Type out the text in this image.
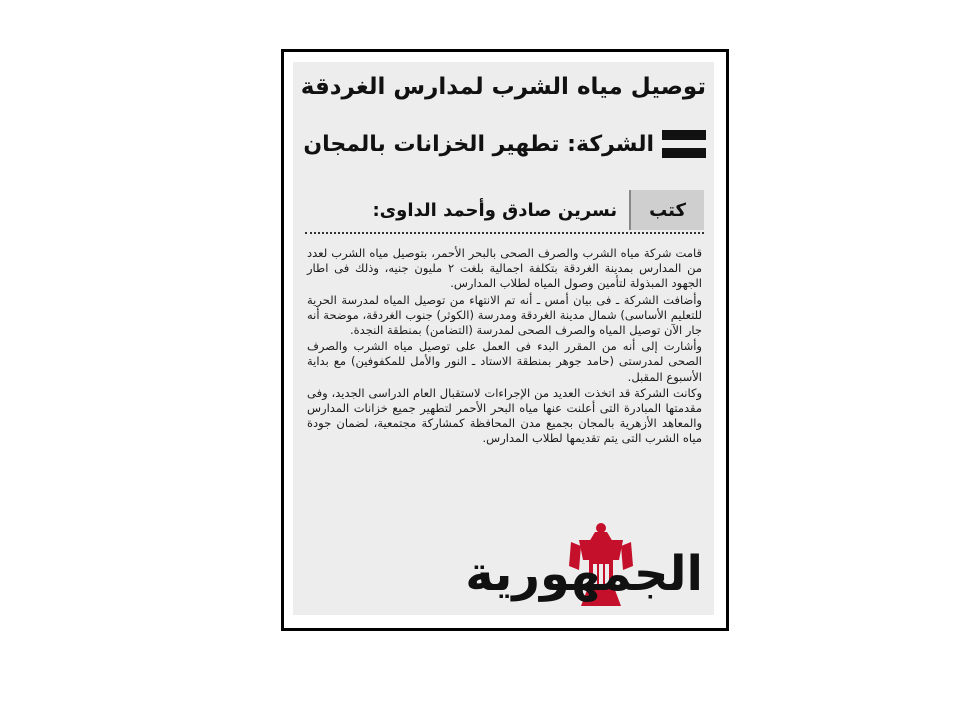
توصيل مياه الشرب لمدارس الغردقة
الشركة: تطهير الخزانات بالمجان
كتب
نسرين صادق وأحمد الداوى:

قامت شركة مياه الشرب والصرف الصحى بالبحر الأحمر، بتوصيل مياه الشرب لعدد من المدارس بمدينة الغردقة بتكلفة اجمالية بلغت ٢ مليون جنيه، وذلك فى اطار الجهود المبذولة لتأمين وصول المياه لطلاب المدارس.

وأضافت الشركة ـ فى بيان أمس ـ أنه تم الانتهاء من توصيل المياه لمدرسة الحرية للتعليم الأساسى) شمال مدينة الغردقة ومدرسة (الكوثر) جنوب الغردقة، موضحة أنه جار الآن توصيل المياه والصرف الصحى لمدرسة (التضامن) بمنطقة النجدة.

وأشارت إلى أنه من المقرر البدء فى العمل على توصيل مياه الشرب والصرف الصحى لمدرستى (حامد جوهر بمنطقة الاستاد ـ النور والأمل للمكفوفين) مع بداية الأسبوع المقبل.

وكانت الشركة قد اتخذت العديد من الإجراءات لاستقبال العام الدراسى الجديد، وفى مقدمتها المبادرة التى أعلنت عنها مياه البحر الأحمر لتطهير جميع خزانات المدارس والمعاهد الأزهرية بالمجان بجميع مدن المحافظة كمشاركة مجتمعية، لضمان جودة مياه الشرب التى يتم تقديمها لطلاب المدارس.

الجمهورية
